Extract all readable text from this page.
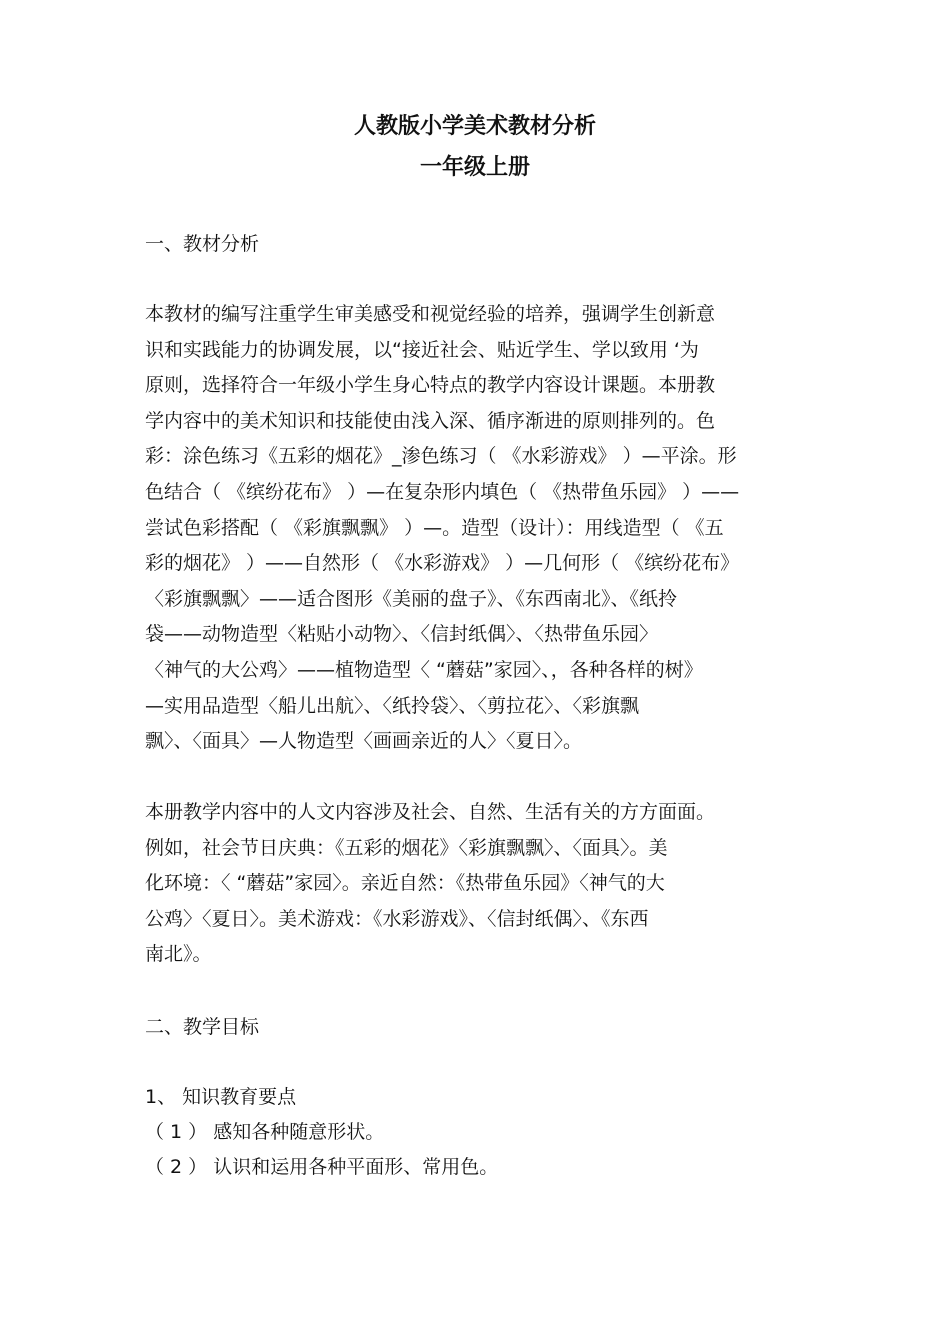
人教版小学美术教材分析
一年级上册

一、教材分析

本教材的编写注重学生审美感受和视觉经验的培养，强调学生创新意
识和实践能力的协调发展，以“接近社会、贴近学生、学以致用 ‘为
原则，选择符合一年级小学生身心特点的教学内容设计课题。本册教
学内容中的美术知识和技能使由浅入深、循序渐进的原则排列的。色
彩：涂色练习《五彩的烟花》_渗色练习（ 《水彩游戏》 ）—平涂。形
色结合（ 《缤纷花布》 ）—在复杂形内填色（ 《热带鱼乐园》 ）——
尝试色彩搭配（ 《彩旗飘飘》 ）—。造型（设计）：用线造型（ 《五
彩的烟花》 ）——自然形（ 《水彩游戏》 ）—几何形（ 《缤纷花布》
〈彩旗飘飘〉——适合图形《美丽的盘子》、《东西南北》、《纸拎
袋——动物造型〈粘贴小动物〉、〈信封纸偶〉、〈热带鱼乐园〉
〈神气的大公鸡〉——植物造型〈 “蘑菇”家园〉、，各种各样的树》
—实用品造型〈船儿出航〉、〈纸拎袋〉、〈剪拉花〉、〈彩旗飘
飘〉、〈面具〉—人物造型〈画画亲近的人〉〈夏日〉。
本册教学内容中的人文内容涉及社会、自然、生活有关的方方面面。
例如，社会节日庆典：《五彩的烟花》〈彩旗飘飘〉、〈面具〉。美
化环境：〈 “蘑菇”家园〉。亲近自然：《热带鱼乐园》〈神气的大
公鸡〉〈夏日〉。美术游戏：《水彩游戏》、〈信封纸偶〉、《东西
南北》。

二、教学目标

1、 知识教育要点
（ 1 ） 感知各种随意形状。
（ 2 ） 认识和运用各种平面形、常用色。
